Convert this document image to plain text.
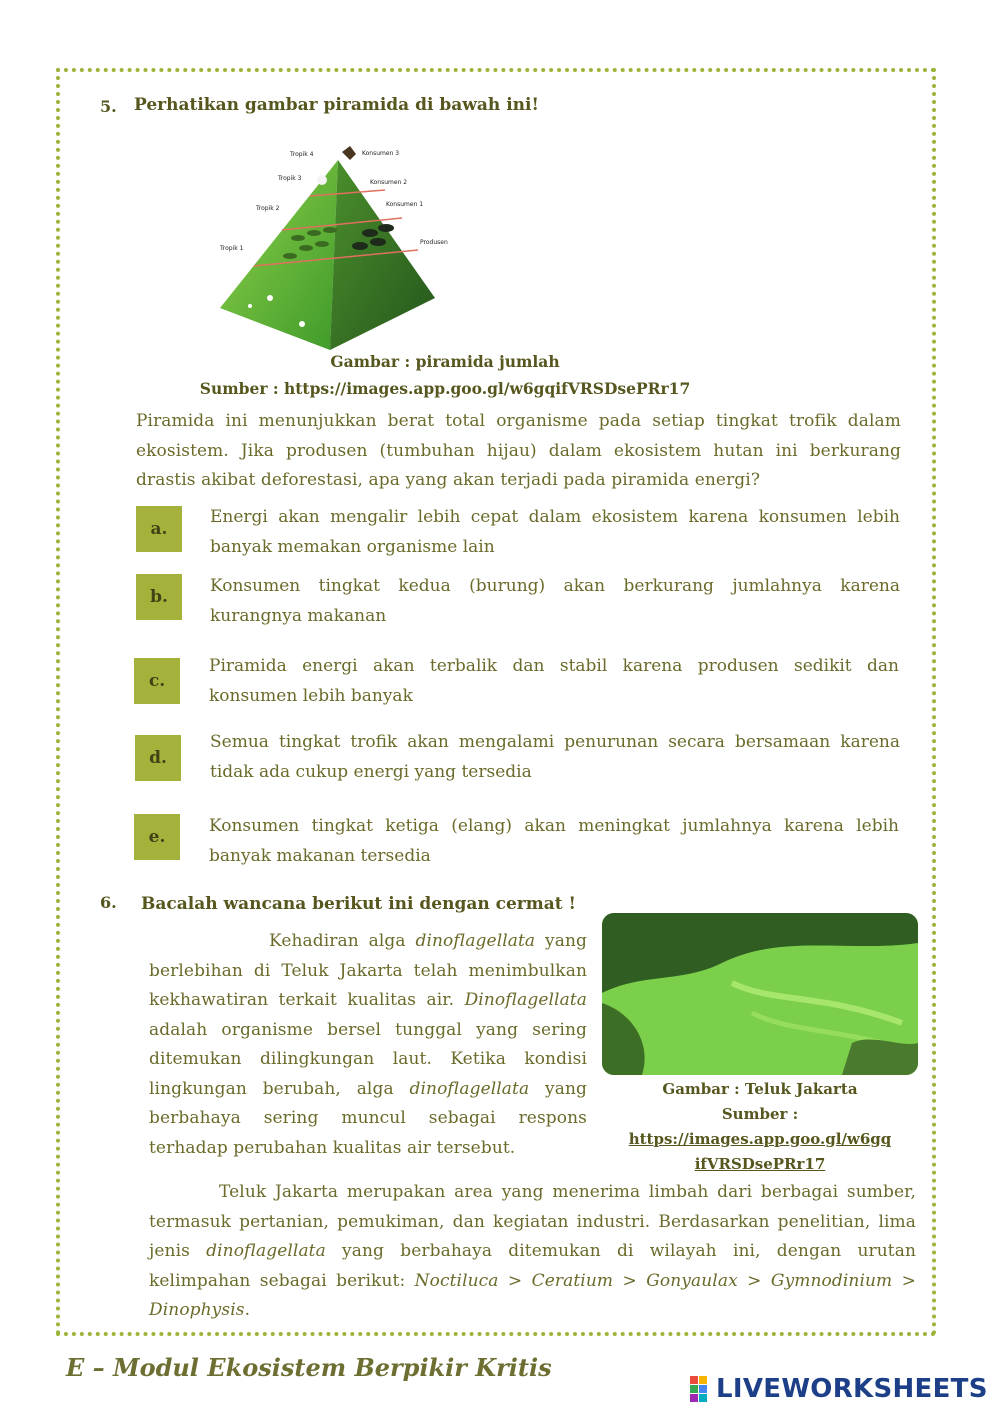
5. Perhatikan gambar piramida di bawah ini!
Tropik 4
Tropik 3
Tropik 2
Tropik 1
Konsumen 3
Konsumen 2
Konsumen 1
Produsen
Gambar : piramida jumlah
Sumber : https://images.app.goo.gl/w6gqifVRSDsePRr17
Piramida ini menunjukkan berat total organisme pada setiap tingkat trofik dalam ekosistem. Jika produsen (tumbuhan hijau) dalam ekosistem hutan ini berkurang drastis akibat deforestasi, apa yang akan terjadi pada piramida energi?
a.
Energi akan mengalir lebih cepat dalam ekosistem karena konsumen lebih banyak memakan organisme lain
b.
Konsumen tingkat kedua (burung) akan berkurang jumlahnya karena kurangnya makanan
c.
Piramida energi akan terbalik dan stabil karena produsen sedikit dan konsumen lebih banyak
d.
Semua tingkat trofik akan mengalami penurunan secara bersamaan karena tidak ada cukup energi yang tersedia
e.
Konsumen tingkat ketiga (elang) akan meningkat jumlahnya karena lebih banyak makanan tersedia
6. Bacalah wancana berikut ini dengan cermat !
Kehadiran alga dinoflagellata yang berlebihan di Teluk Jakarta telah menimbulkan kekhawatiran terkait kualitas air. Dinoflagellata adalah organisme bersel tunggal yang sering ditemukan dilingkungan laut. Ketika kondisi lingkungan berubah, alga dinoflagellata yang berbahaya sering muncul sebagai respons terhadap perubahan kualitas air tersebut.
Gambar : Teluk Jakarta
Sumber :
https://images.app.goo.gl/w6gq
ifVRSDsePRr17
Teluk Jakarta merupakan area yang menerima limbah dari berbagai sumber, termasuk pertanian, pemukiman, dan kegiatan industri. Berdasarkan penelitian, lima jenis dinoflagellata yang berbahaya ditemukan di wilayah ini, dengan urutan kelimpahan sebagai berikut: Noctiluca > Ceratium > Gonyaulax > Gymnodinium > Dinophysis.
E – Modul Ekosistem Berpikir Kritis
LIVEWORKSHEETS
